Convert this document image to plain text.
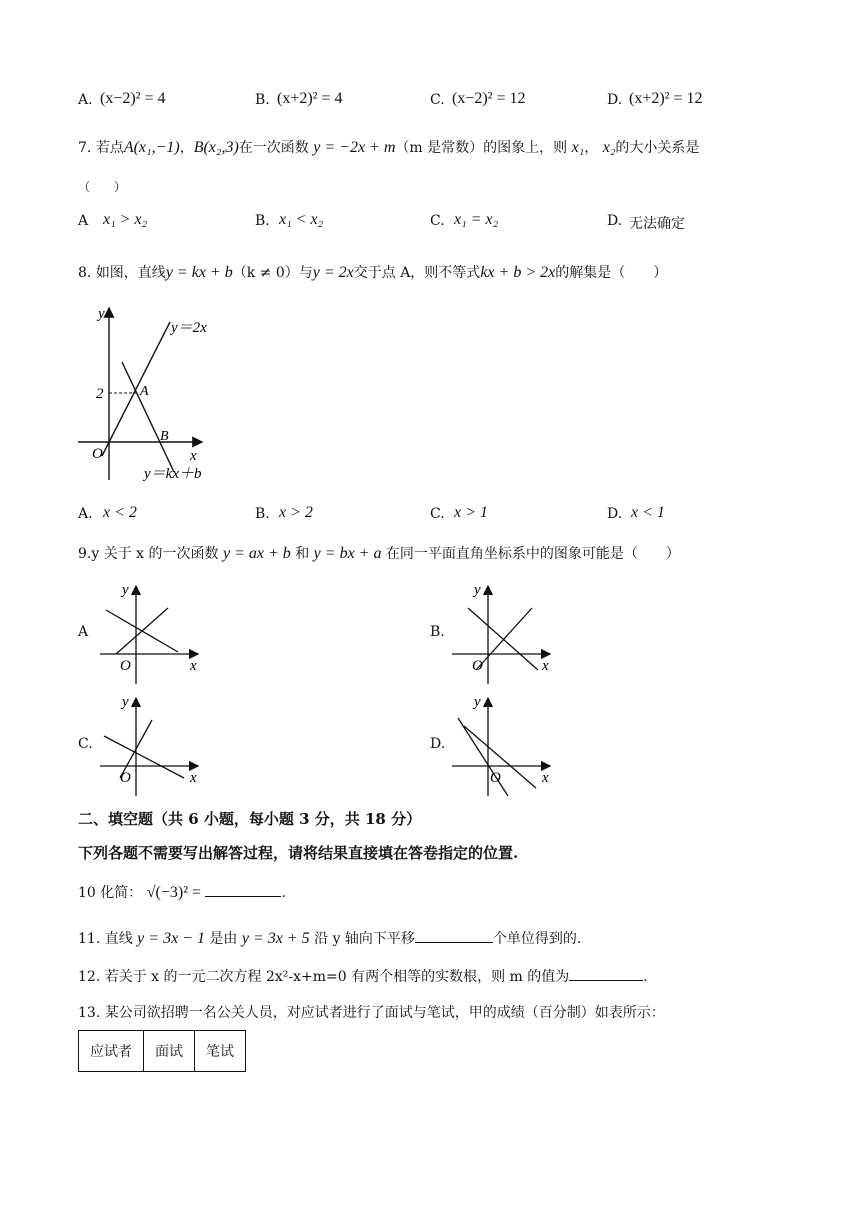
A. (x−2)² = 4	B. (x+2)² = 4	C. (x−2)² = 12	D. (x+2)² = 12
7. 若点A(x₁,−1)，B(x₂,3)在一次函数 y = −2x + m（m 是常数）的图象上，则 x₁， x₂的大小关系是
（　　）
A x₁ > x₂	B. x₁ < x₂	C. x₁ = x₂	D. 无法确定
8. 如图，直线y = kx + b（k ≠ 0）与y = 2x交于点 A，则不等式kx + b > 2x的解集是（　　）
y
x
O
2	A
B
y＝2x
y＝kx＋b
A. x < 2	B. x > 2	C. x > 1	D. x < 1
9.y 关于 x 的一次函数 y = ax + b 和 y = bx + a 在同一平面直角坐标系中的图象可能是（　　）
A
y
x
O
B.
y
x
O
C.
y
x
O
D.
y
x
O
二、填空题（共 6 小题，每小题 3 分，共 18 分）
下列各题不需要写出解答过程，请将结果直接填在答卷指定的位置.
10 化简： √(−3)² =	.
11. 直线 y = 3x − 1 是由 y = 3x + 5 沿 y 轴向下平移	个单位得到的.
12. 若关于 x 的一元二次方程 2x²-x+m=0 有两个相等的实数根，则 m 的值为	.
13. 某公司欲招聘一名公关人员，对应试者进行了面试与笔试，甲的成绩（百分制）如表所示：
应试者	面试	笔试
